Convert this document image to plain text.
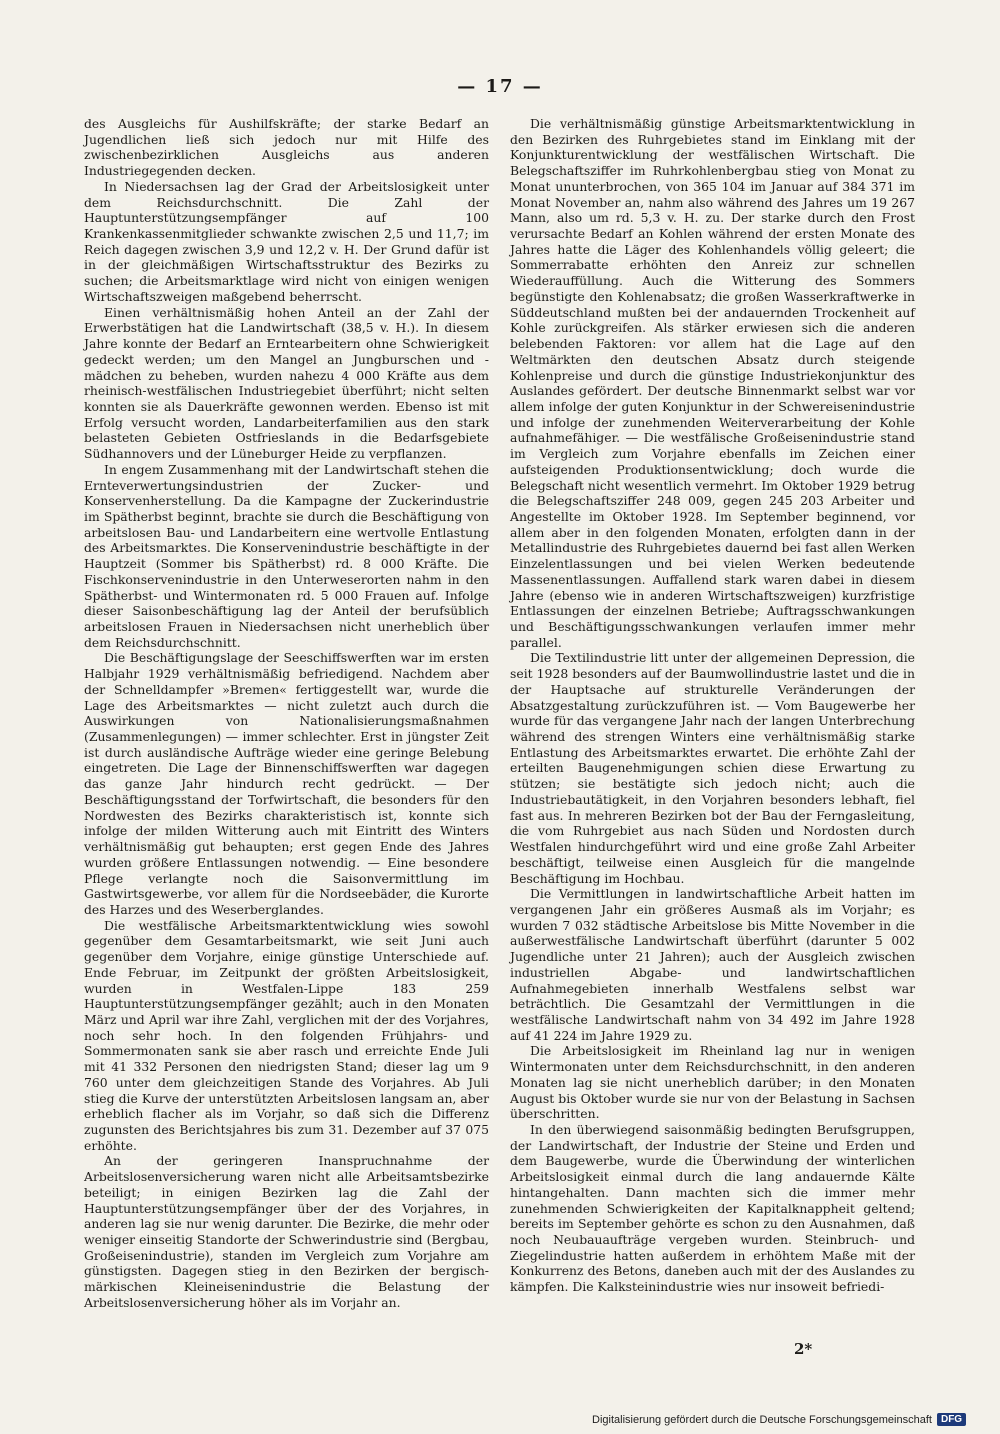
— 17 —

des Ausgleichs für Aushilfskräfte; der starke Bedarf an Jugendlichen ließ sich jedoch nur mit Hilfe des zwischenbezirklichen Ausgleichs aus anderen Industriegegenden decken.

In Niedersachsen lag der Grad der Arbeitslosigkeit unter dem Reichsdurchschnitt. Die Zahl der Hauptunterstützungsempfänger auf 100 Krankenkassenmitglieder schwankte zwischen 2,5 und 11,7; im Reich dagegen zwischen 3,9 und 12,2 v. H. Der Grund dafür ist in der gleichmäßigen Wirtschaftsstruktur des Bezirks zu suchen; die Arbeitsmarktlage wird nicht von einigen wenigen Wirtschaftszweigen maßgebend beherrscht.

Einen verhältnismäßig hohen Anteil an der Zahl der Erwerbstätigen hat die Landwirtschaft (38,5 v. H.). In diesem Jahre konnte der Bedarf an Erntearbeitern ohne Schwierigkeit gedeckt werden; um den Mangel an Jungburschen und -mädchen zu beheben, wurden nahezu 4 000 Kräfte aus dem rheinisch-westfälischen Industriegebiet überführt; nicht selten konnten sie als Dauerkräfte gewonnen werden. Ebenso ist mit Erfolg versucht worden, Landarbeiterfamilien aus den stark belasteten Gebieten Ostfrieslands in die Bedarfsgebiete Südhannovers und der Lüneburger Heide zu verpflanzen.

In engem Zusammenhang mit der Landwirtschaft stehen die Ernteverwertungsindustrien der Zucker- und Konservenherstellung. Da die Kampagne der Zuckerindustrie im Spätherbst beginnt, brachte sie durch die Beschäftigung von arbeitslosen Bau- und Landarbeitern eine wertvolle Entlastung des Arbeitsmarktes. Die Konservenindustrie beschäftigte in der Hauptzeit (Sommer bis Spätherbst) rd. 8 000 Kräfte. Die Fischkonservenindustrie in den Unterweserorten nahm in den Spätherbst- und Wintermonaten rd. 5 000 Frauen auf. Infolge dieser Saisonbeschäftigung lag der Anteil der berufsüblich arbeitslosen Frauen in Niedersachsen nicht unerheblich über dem Reichsdurchschnitt.

Die Beschäftigungslage der Seeschiffswerften war im ersten Halbjahr 1929 verhältnismäßig befriedigend. Nachdem aber der Schnelldampfer »Bremen« fertiggestellt war, wurde die Lage des Arbeitsmarktes — nicht zuletzt auch durch die Auswirkungen von Nationalisierungsmaßnahmen (Zusammenlegungen) — immer schlechter. Erst in jüngster Zeit ist durch ausländische Aufträge wieder eine geringe Belebung eingetreten. Die Lage der Binnenschiffswerften war dagegen das ganze Jahr hindurch recht gedrückt. — Der Beschäftigungsstand der Torfwirtschaft, die besonders für den Nordwesten des Bezirks charakteristisch ist, konnte sich infolge der milden Witterung auch mit Eintritt des Winters verhältnismäßig gut behaupten; erst gegen Ende des Jahres wurden größere Entlassungen notwendig. — Eine besondere Pflege verlangte noch die Saisonvermittlung im Gastwirtsgewerbe, vor allem für die Nordseebäder, die Kurorte des Harzes und des Weserberglandes.

Die westfälische Arbeitsmarktentwicklung wies sowohl gegenüber dem Gesamtarbeitsmarkt, wie seit Juni auch gegenüber dem Vorjahre, einige günstige Unterschiede auf. Ende Februar, im Zeitpunkt der größten Arbeitslosigkeit, wurden in Westfalen-Lippe 183 259 Hauptunterstützungsempfänger gezählt; auch in den Monaten März und April war ihre Zahl, verglichen mit der des Vorjahres, noch sehr hoch. In den folgenden Frühjahrs- und Sommermonaten sank sie aber rasch und erreichte Ende Juli mit 41 332 Personen den niedrigsten Stand; dieser lag um 9 760 unter dem gleichzeitigen Stande des Vorjahres. Ab Juli stieg die Kurve der unterstützten Arbeitslosen langsam an, aber erheblich flacher als im Vorjahr, so daß sich die Differenz zugunsten des Berichtsjahres bis zum 31. Dezember auf 37 075 erhöhte.

An der geringeren Inanspruchnahme der Arbeitslosenversicherung waren nicht alle Arbeitsamtsbezirke beteiligt; in einigen Bezirken lag die Zahl der Hauptunterstützungsempfänger über der des Vorjahres, in anderen lag sie nur wenig darunter. Die Bezirke, die mehr oder weniger einseitig Standorte der Schwerindustrie sind (Bergbau, Großeisenindustrie), standen im Vergleich zum Vorjahre am günstigsten. Dagegen stieg in den Bezirken der bergisch-märkischen Kleineisenindustrie die Belastung der Arbeitslosenversicherung höher als im Vorjahr an.

Die verhältnismäßig günstige Arbeitsmarktentwicklung in den Bezirken des Ruhrgebietes stand im Einklang mit der Konjunkturentwicklung der westfälischen Wirtschaft. Die Belegschaftsziffer im Ruhrkohlenbergbau stieg von Monat zu Monat ununterbrochen, von 365 104 im Januar auf 384 371 im Monat November an, nahm also während des Jahres um 19 267 Mann, also um rd. 5,3 v. H. zu. Der starke durch den Frost verursachte Bedarf an Kohlen während der ersten Monate des Jahres hatte die Läger des Kohlenhandels völlig geleert; die Sommerrabatte erhöhten den Anreiz zur schnellen Wiederauffüllung. Auch die Witterung des Sommers begünstigte den Kohlenabsatz; die großen Wasserkraftwerke in Süddeutschland mußten bei der andauernden Trockenheit auf Kohle zurückgreifen. Als stärker erwiesen sich die anderen belebenden Faktoren: vor allem hat die Lage auf den Weltmärkten den deutschen Absatz durch steigende Kohlenpreise und durch die günstige Industriekonjunktur des Auslandes gefördert. Der deutsche Binnenmarkt selbst war vor allem infolge der guten Konjunktur in der Schwereisenindustrie und infolge der zunehmenden Weiterverarbeitung der Kohle aufnahmefähiger. — Die westfälische Großeisenindustrie stand im Vergleich zum Vorjahre ebenfalls im Zeichen einer aufsteigenden Produktionsentwicklung; doch wurde die Belegschaft nicht wesentlich vermehrt. Im Oktober 1929 betrug die Belegschaftsziffer 248 009, gegen 245 203 Arbeiter und Angestellte im Oktober 1928. Im September beginnend, vor allem aber in den folgenden Monaten, erfolgten dann in der Metallindustrie des Ruhrgebietes dauernd bei fast allen Werken Einzelentlassungen und bei vielen Werken bedeutende Massenentlassungen. Auffallend stark waren dabei in diesem Jahre (ebenso wie in anderen Wirtschaftszweigen) kurzfristige Entlassungen der einzelnen Betriebe; Auftragsschwankungen und Beschäftigungsschwankungen verlaufen immer mehr parallel.

Die Textilindustrie litt unter der allgemeinen Depression, die seit 1928 besonders auf der Baumwollindustrie lastet und die in der Hauptsache auf strukturelle Veränderungen der Absatzgestaltung zurückzuführen ist. — Vom Baugewerbe her wurde für das vergangene Jahr nach der langen Unterbrechung während des strengen Winters eine verhältnismäßig starke Entlastung des Arbeitsmarktes erwartet. Die erhöhte Zahl der erteilten Baugenehmigungen schien diese Erwartung zu stützen; sie bestätigte sich jedoch nicht; auch die Industriebautätigkeit, in den Vorjahren besonders lebhaft, fiel fast aus. In mehreren Bezirken bot der Bau der Ferngasleitung, die vom Ruhrgebiet aus nach Süden und Nordosten durch Westfalen hindurchgeführt wird und eine große Zahl Arbeiter beschäftigt, teilweise einen Ausgleich für die mangelnde Beschäftigung im Hochbau.

Die Vermittlungen in landwirtschaftliche Arbeit hatten im vergangenen Jahr ein größeres Ausmaß als im Vorjahr; es wurden 7 032 städtische Arbeitslose bis Mitte November in die außerwestfälische Landwirtschaft überführt (darunter 5 002 Jugendliche unter 21 Jahren); auch der Ausgleich zwischen industriellen Abgabe- und landwirtschaftlichen Aufnahmegebieten innerhalb Westfalens selbst war beträchtlich. Die Gesamtzahl der Vermittlungen in die westfälische Landwirtschaft nahm von 34 492 im Jahre 1928 auf 41 224 im Jahre 1929 zu.

Die Arbeitslosigkeit im Rheinland lag nur in wenigen Wintermonaten unter dem Reichsdurchschnitt, in den anderen Monaten lag sie nicht unerheblich darüber; in den Monaten August bis Oktober wurde sie nur von der Belastung in Sachsen überschritten.

In den überwiegend saisonmäßig bedingten Berufsgruppen, der Landwirtschaft, der Industrie der Steine und Erden und dem Baugewerbe, wurde die Überwindung der winterlichen Arbeitslosigkeit einmal durch die lang andauernde Kälte hintangehalten. Dann machten sich die immer mehr zunehmenden Schwierigkeiten der Kapitalknappheit geltend; bereits im September gehörte es schon zu den Ausnahmen, daß noch Neubauaufträge vergeben wurden. Steinbruch- und Ziegelindustrie hatten außerdem in erhöhtem Maße mit der Konkurrenz des Betons, daneben auch mit der des Auslandes zu kämpfen. Die Kalksteinindustrie wies nur insoweit befriedi-

2*
Digitalisierung gefördert durch die Deutsche Forschungsgemeinschaft DFG
